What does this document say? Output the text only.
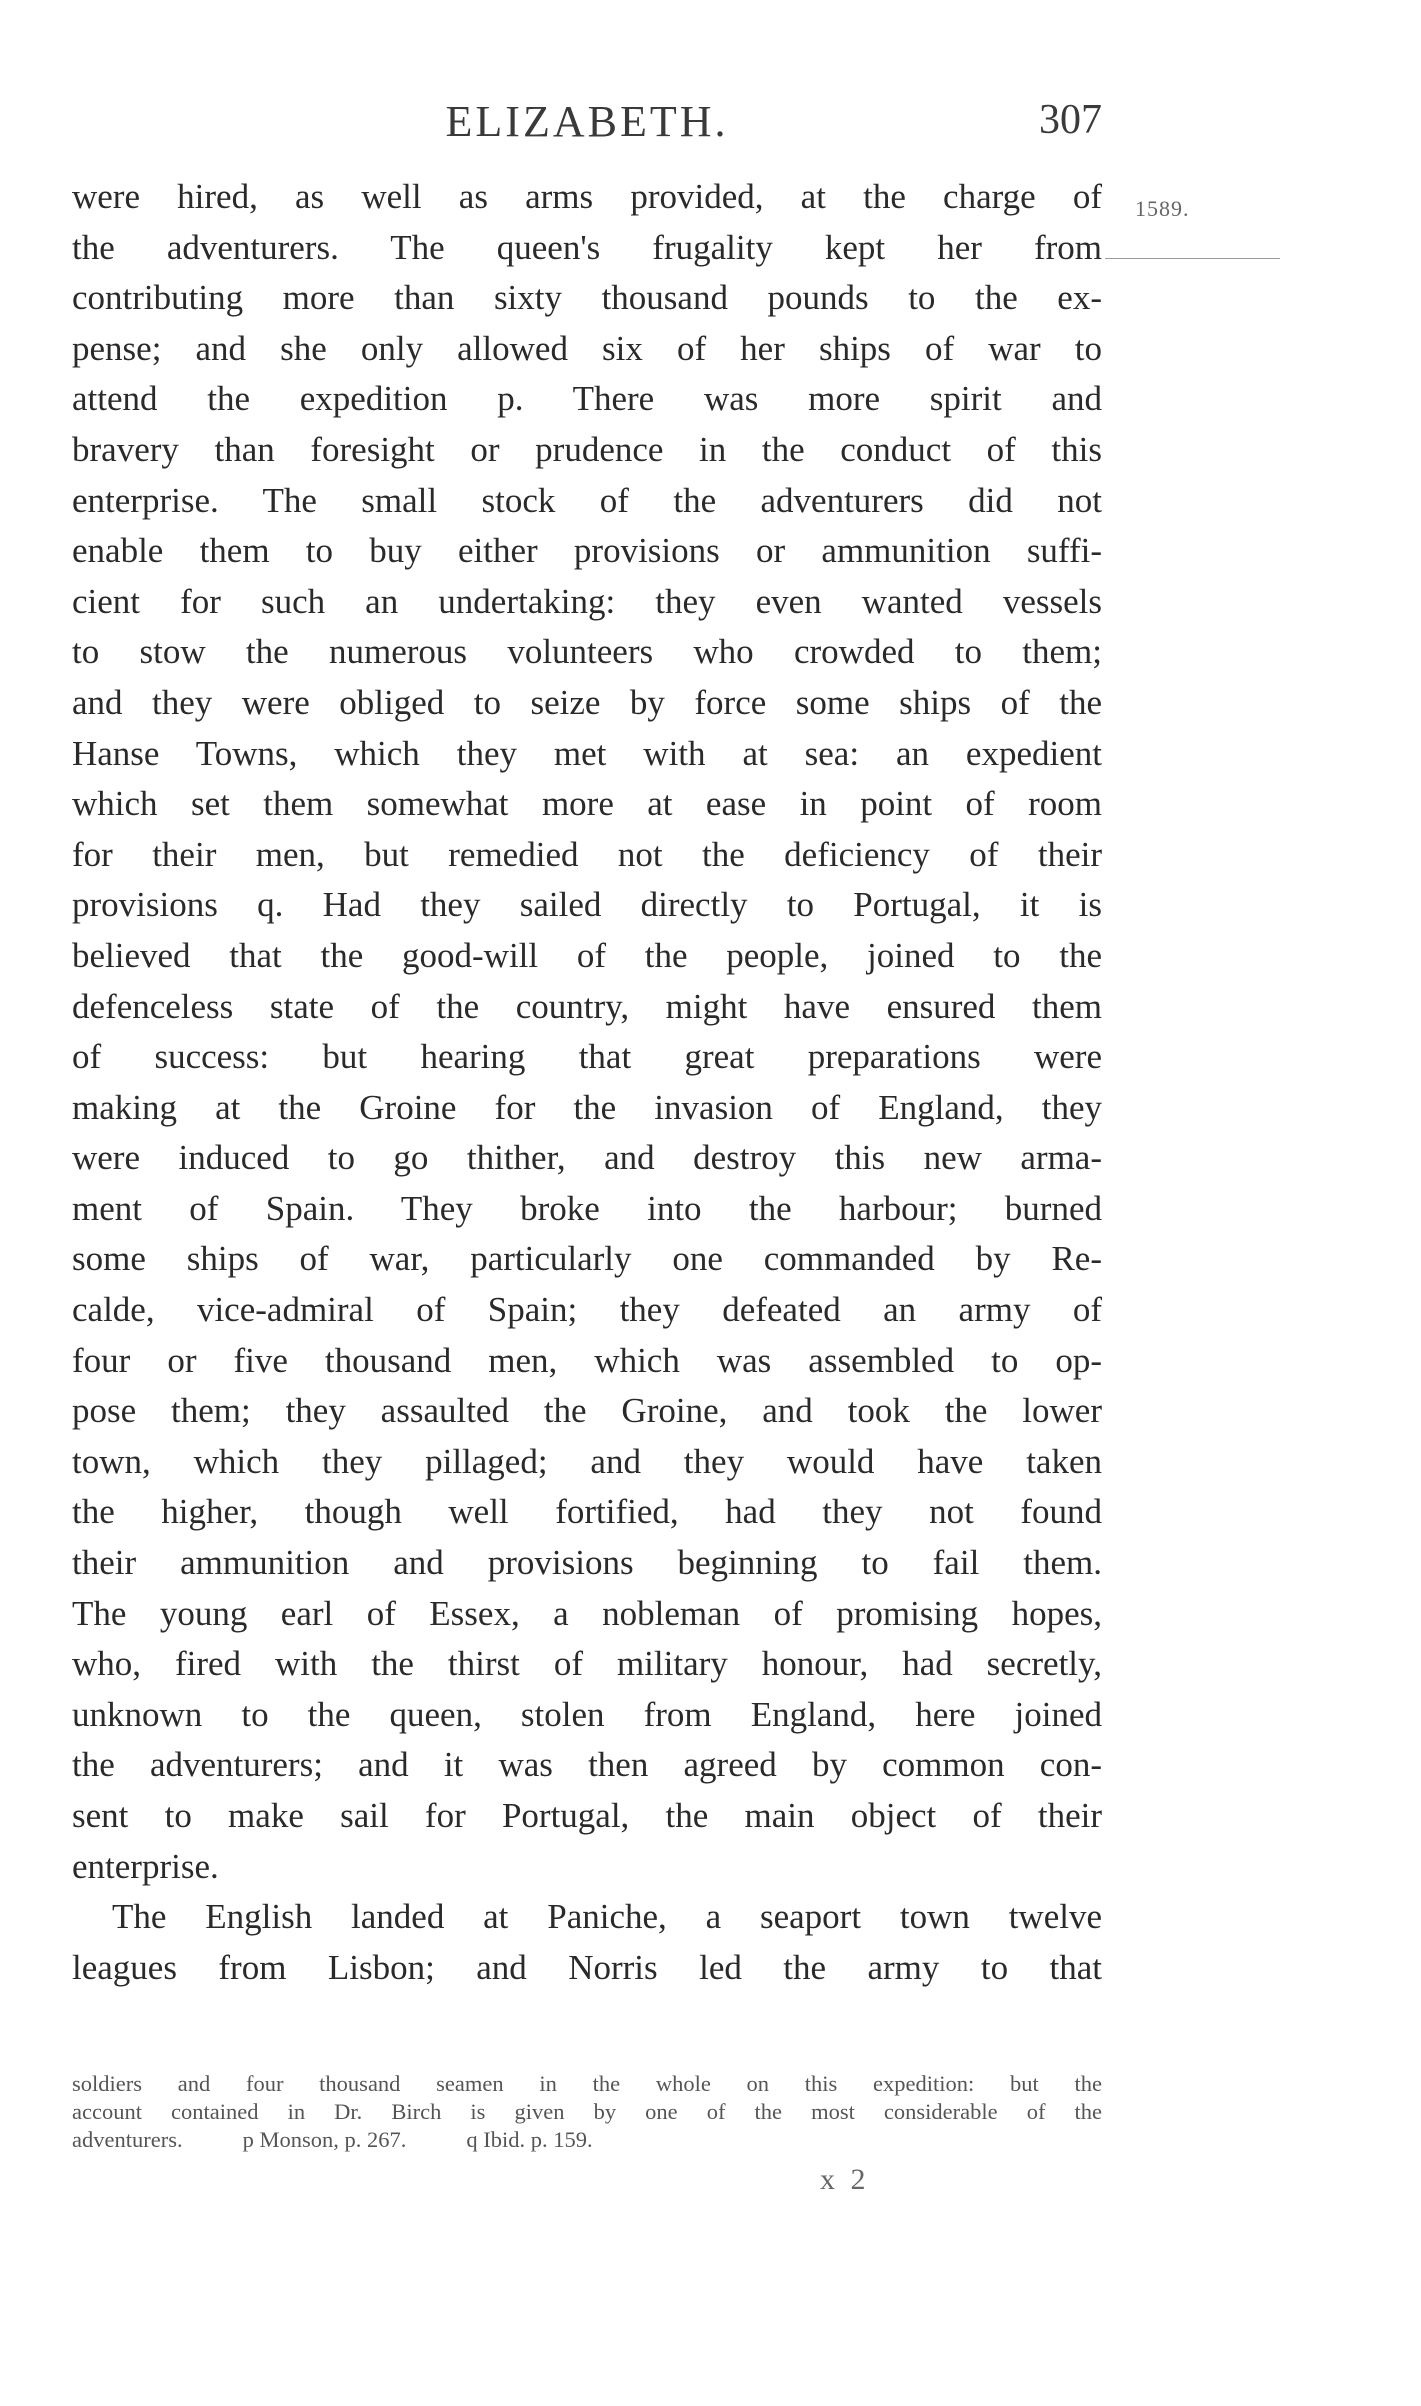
ELIZABETH.	307
1589.
were hired, as well as arms provided, at the charge of
the adventurers. The queen's frugality kept her from
contributing more than sixty thousand pounds to the ex-
pense; and she only allowed six of her ships of war to
attend the expedition p. There was more spirit and
bravery than foresight or prudence in the conduct of this
enterprise. The small stock of the adventurers did not
enable them to buy either provisions or ammunition suffi-
cient for such an undertaking: they even wanted vessels
to stow the numerous volunteers who crowded to them;
and they were obliged to seize by force some ships of the
Hanse Towns, which they met with at sea: an expedient
which set them somewhat more at ease in point of room
for their men, but remedied not the deficiency of their
provisions q. Had they sailed directly to Portugal, it is
believed that the good-will of the people, joined to the
defenceless state of the country, might have ensured them
of success: but hearing that great preparations were
making at the Groine for the invasion of England, they
were induced to go thither, and destroy this new arma-
ment of Spain. They broke into the harbour; burned
some ships of war, particularly one commanded by Re-
calde, vice-admiral of Spain; they defeated an army of
four or five thousand men, which was assembled to op-
pose them; they assaulted the Groine, and took the lower
town, which they pillaged; and they would have taken
the higher, though well fortified, had they not found
their ammunition and provisions beginning to fail them.
The young earl of Essex, a nobleman of promising hopes,
who, fired with the thirst of military honour, had secretly,
unknown to the queen, stolen from England, here joined
the adventurers; and it was then agreed by common con-
sent to make sail for Portugal, the main object of their
enterprise.
The English landed at Paniche, a seaport town twelve
leagues from Lisbon; and Norris led the army to that
soldiers and four thousand seamen in the whole on this expedition: but the
account contained in Dr. Birch is given by one of the most considerable of the
adventurers.	p Monson, p. 267.	q Ibid. p. 159.
x 2
